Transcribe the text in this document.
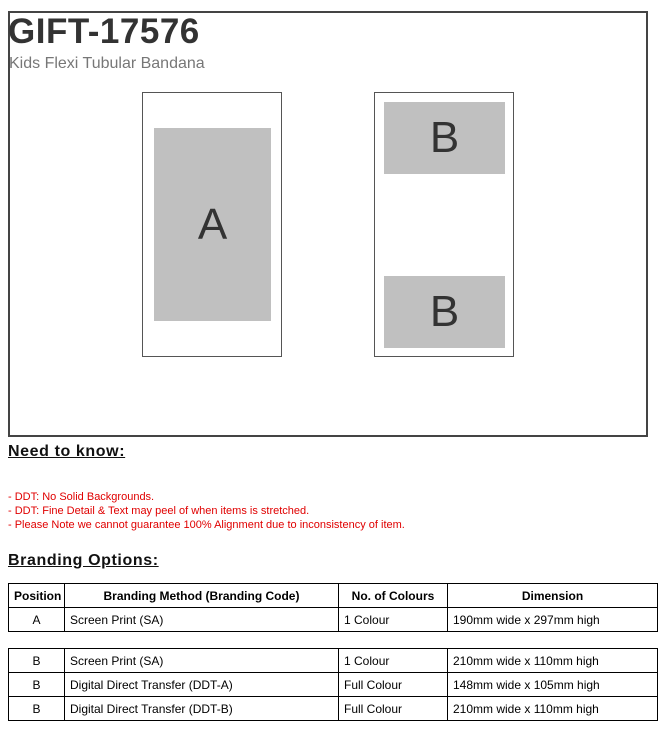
GIFT-17576
Kids Flexi Tubular Bandana
A
B
B
Need to know:
- DDT: No Solid Backgrounds.
- DDT: Fine Detail & Text may peel of when items is stretched.
- Please Note we cannot guarantee 100% Alignment due to inconsistency of item.
Branding Options:
Position	Branding Method (Branding Code)	No. of Colours	Dimension
A	Screen Print (SA)	1 Colour	190mm wide x 297mm high
B	Screen Print (SA)	1 Colour	210mm wide x 110mm high
B	Digital Direct Transfer (DDT-A)	Full Colour	148mm wide x 105mm high
B	Digital Direct Transfer (DDT-B)	Full Colour	210mm wide x 110mm high
